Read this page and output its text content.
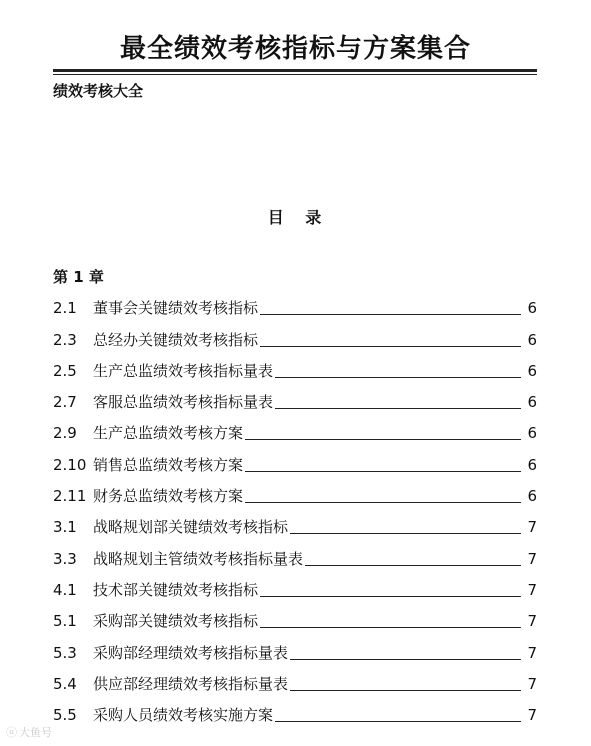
最全绩效考核指标与方案集合
绩效考核大全
目 录
第 1 章
2.1	董事会关键绩效考核指标	6
2.3	总经办关键绩效考核指标	6
2.5	生产总监绩效考核指标量表	6
2.7	客服总监绩效考核指标量表	6
2.9	生产总监绩效考核方案	6
2.10 销售总监绩效考核方案	6
2.11 财务总监绩效考核方案	6
3.1	战略规划部关键绩效考核指标	7
3.3	战略规划主管绩效考核指标量表	7
4.1	技术部关键绩效考核指标	7
5.1	采购部关键绩效考核指标	7
5.3	采购部经理绩效考核指标量表	7
5.4	供应部经理绩效考核指标量表	7
5.5	采购人员绩效考核实施方案	7
ⓤ 大鱼号
